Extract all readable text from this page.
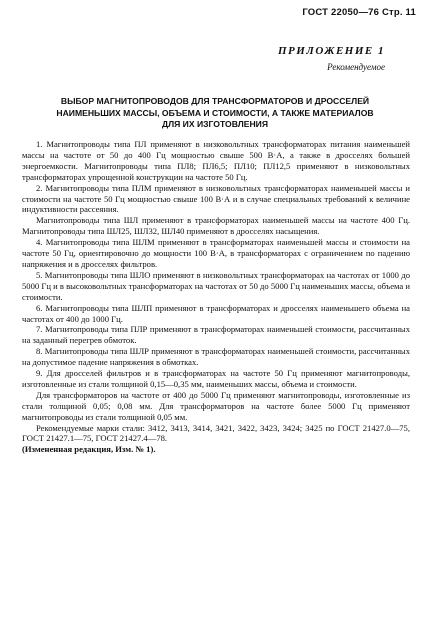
ГОСТ 22050—76 Стр. 11
ПРИЛОЖЕНИЕ 1
Рекомендуемое
ВЫБОР МАГНИТОПРОВОДОВ ДЛЯ ТРАНСФОРМАТОРОВ И ДРОССЕЛЕЙ НАИМЕНЬШИХ МАССЫ, ОБЪЕМА И СТОИМОСТИ, А ТАКЖЕ МАТЕРИАЛОВ ДЛЯ ИХ ИЗГОТОВЛЕНИЯ

1. Магнитопроводы типа ПЛ применяют в низковольтных трансформаторах питания наименьшей массы на частоте от 50 до 400 Гц мощностью свыше 500 В·А, а также в дросселях большей энергоемкости. Магнитопроводы типа ПЛ8; ПЛ6,5; ПЛ10; ПЛ12,5 применяют в низковольтных трансформаторах упрощенной конструкции на частоте 50 Гц.

2. Магнитопроводы типа ПЛМ применяют в низковольтных трансформаторах наименьшей массы и стоимости на частоте 50 Гц мощностью свыше 100 В·А и в случае специальных требований к величине индуктивности рассеяния.

Магнитопроводы типа ШЛ применяют в трансформаторах наименьшей массы на частоте 400 Гц. Магнитопроводы типа ШЛ25, ШЛ32, ШЛ40 применяют в дросселях насыщения.

4. Магнитопроводы типа ШЛМ применяют в трансформаторах наименьшей массы и стоимости на частоте 50 Гц, ориентировочно до мощности 100 В·А, в трансформаторах с ограничением по падению напряжения и в дросселях фильтров.

5. Магнитопроводы типа ШЛО применяют в низковольтных трансформаторах на частотах от 1000 до 5000 Гц и в высоковольтных трансформаторах на частотах от 50 до 5000 Гц наименьших массы, объема и стоимости.

6. Магнитопроводы типа ШЛП применяют в трансформаторах и дросселях наименьшего объема на частотах от 400 до 1000 Гц.

7. Магнитопроводы типа ПЛР применяют в трансформаторах наименьшей стоимости, рассчитанных на заданный перегрев обмоток.

8. Магнитопроводы типа ШЛР применяют в трансформаторах наименьшей стоимости, рассчитанных на допустимое падение напряжения в обмотках.

9. Для дросселей фильтров и в трансформаторах на частоте 50 Гц применяют магнитопроводы, изготовленные из стали толщиной 0,15—0,35 мм, наименьших массы, объема и стоимости.

Для трансформаторов на частоте от 400 до 5000 Гц применяют магнитопроводы, изготовленные из стали толщиной 0,05; 0,08 мм. Для трансформаторов на частоте более 5000 Гц применяют магнитопроводы из стали толщиной 0,05 мм.

Рекомендуемые марки стали: 3412, 3413, 3414, 3421, 3422, 3423, 3424; 3425 по ГОСТ 21427.0—75, ГОСТ 21427.1—75, ГОСТ 21427.4—78.

(Измененная редакция, Изм. № 1).
